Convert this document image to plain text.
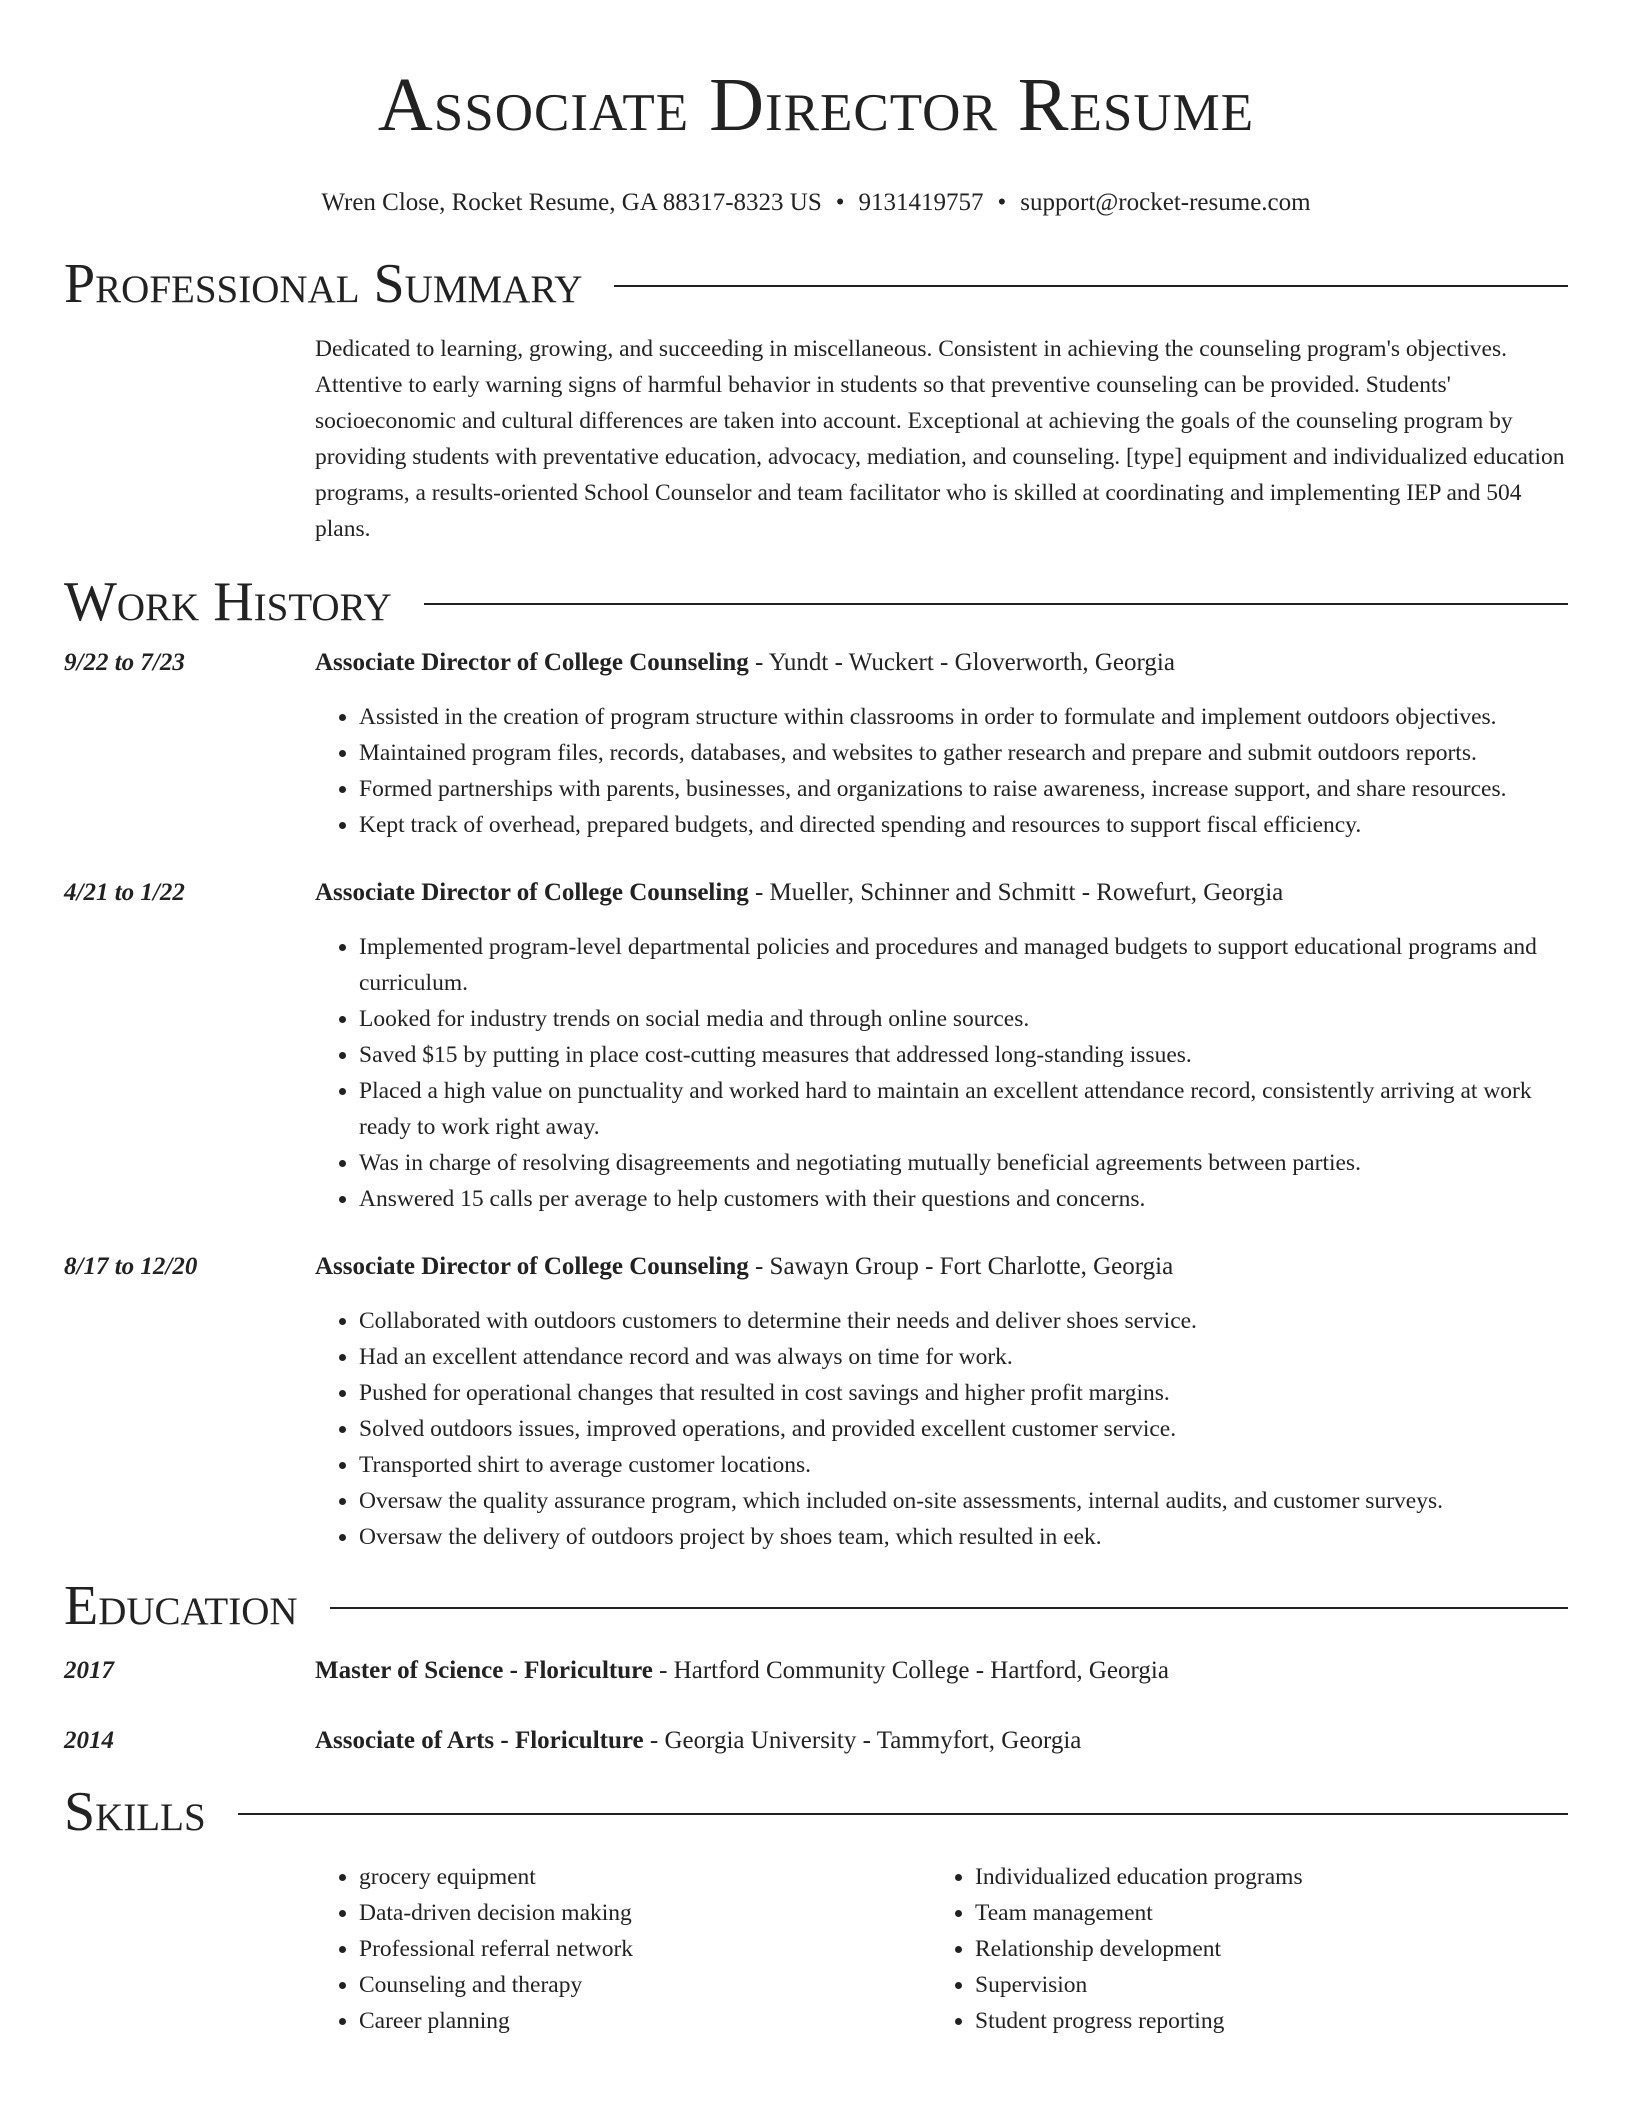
Associate Director Resume
Wren Close, Rocket Resume, GA 88317-8323 US • 9131419757 • support@rocket-resume.com
Professional Summary
Dedicated to learning, growing, and succeeding in miscellaneous. Consistent in achieving the counseling program's objectives. Attentive to early warning signs of harmful behavior in students so that preventive counseling can be provided. Students' socioeconomic and cultural differences are taken into account. Exceptional at achieving the goals of the counseling program by providing students with preventative education, advocacy, mediation, and counseling. [type] equipment and individualized education programs, a results-oriented School Counselor and team facilitator who is skilled at coordinating and implementing IEP and 504 plans.
Work History
9/22 to 7/23	Associate Director of College Counseling - Yundt - Wuckert - Gloverworth, Georgia
• Assisted in the creation of program structure within classrooms in order to formulate and implement outdoors objectives.
• Maintained program files, records, databases, and websites to gather research and prepare and submit outdoors reports.
• Formed partnerships with parents, businesses, and organizations to raise awareness, increase support, and share resources.
• Kept track of overhead, prepared budgets, and directed spending and resources to support fiscal efficiency.
4/21 to 1/22	Associate Director of College Counseling - Mueller, Schinner and Schmitt - Rowefurt, Georgia
• Implemented program-level departmental policies and procedures and managed budgets to support educational programs and curriculum.
• Looked for industry trends on social media and through online sources.
• Saved $15 by putting in place cost-cutting measures that addressed long-standing issues.
• Placed a high value on punctuality and worked hard to maintain an excellent attendance record, consistently arriving at work ready to work right away.
• Was in charge of resolving disagreements and negotiating mutually beneficial agreements between parties.
• Answered 15 calls per average to help customers with their questions and concerns.
8/17 to 12/20	Associate Director of College Counseling - Sawayn Group - Fort Charlotte, Georgia
• Collaborated with outdoors customers to determine their needs and deliver shoes service.
• Had an excellent attendance record and was always on time for work.
• Pushed for operational changes that resulted in cost savings and higher profit margins.
• Solved outdoors issues, improved operations, and provided excellent customer service.
• Transported shirt to average customer locations.
• Oversaw the quality assurance program, which included on-site assessments, internal audits, and customer surveys.
• Oversaw the delivery of outdoors project by shoes team, which resulted in eek.
Education
2017	Master of Science - Floriculture - Hartford Community College - Hartford, Georgia
2014	Associate of Arts - Floriculture - Georgia University - Tammyfort, Georgia
Skills
• grocery equipment
• Data-driven decision making
• Professional referral network
• Counseling and therapy
• Career planning
• Individualized education programs
• Team management
• Relationship development
• Supervision
• Student progress reporting
